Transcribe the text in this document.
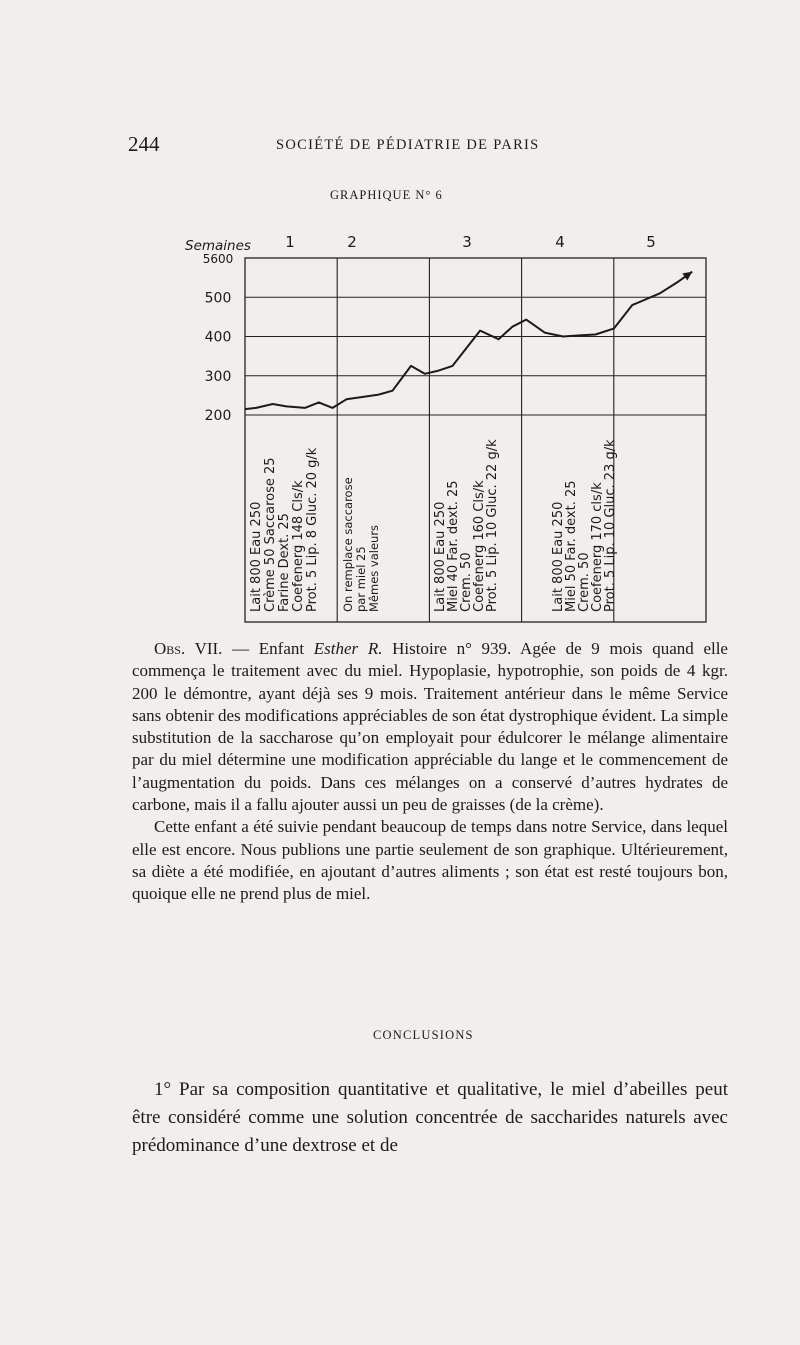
244	SOCIÉTÉ DE PÉDIATRIE DE PARIS
GRAPHIQUE N° 6
Semaines
5600
500
400
300
200
1	2	3	4	5
Lait 800 Eau 250 Crème 50 Saccarose 25 Farine Dext. 25 Coefenerg 148 Cls/k Prot. 5 Lip. 8 Gluc. 20 g/k On remplace saccarose par miel 25 Mêmes valeurs	Lait 800 Eau 250
Miel 40 Far. dext. 25
Crem. 50
Coefenerg 160 Cls/k
Prot. 5 Lip. 10 Gluc. 22 g/k	Lait 800 Eau 250
Miel 50 Far. dext. 25
Crem. 50
Coefenerg 170 cls/k
Prot. 5 Lip. 10 Gluc. 23 g/k

Obs. VII. — Enfant Esther R. Histoire n° 939. Agée de 9 mois quand elle commença le traitement avec du miel. Hypoplasie, hypotrophie, son poids de 4 kgr. 200 le démontre, ayant déjà ses 9 mois. Traitement antérieur dans le même Service sans obtenir des modifications appréciables de son état dystrophique évident. La simple substitution de la saccharose qu’on employait pour édulcorer le mélange alimentaire par du miel détermine une modification appréciable du lange et le commencement de l’augmentation du poids. Dans ces mélanges on a conservé d’autres hydrates de carbone, mais il a fallu ajouter aussi un peu de graisses (de la crème).

Cette enfant a été suivie pendant beaucoup de temps dans notre Service, dans lequel elle est encore. Nous publions une partie seulement de son graphique. Ultérieurement, sa diète a été modifiée, en ajoutant d’autres aliments ; son état est resté toujours bon, quoique elle ne prend plus de miel.

CONCLUSIONS

1° Par sa composition quantitative et qualitative, le miel d’abeilles peut être considéré comme une solution concentrée de saccharides naturels avec prédominance d’une dextrose et de
